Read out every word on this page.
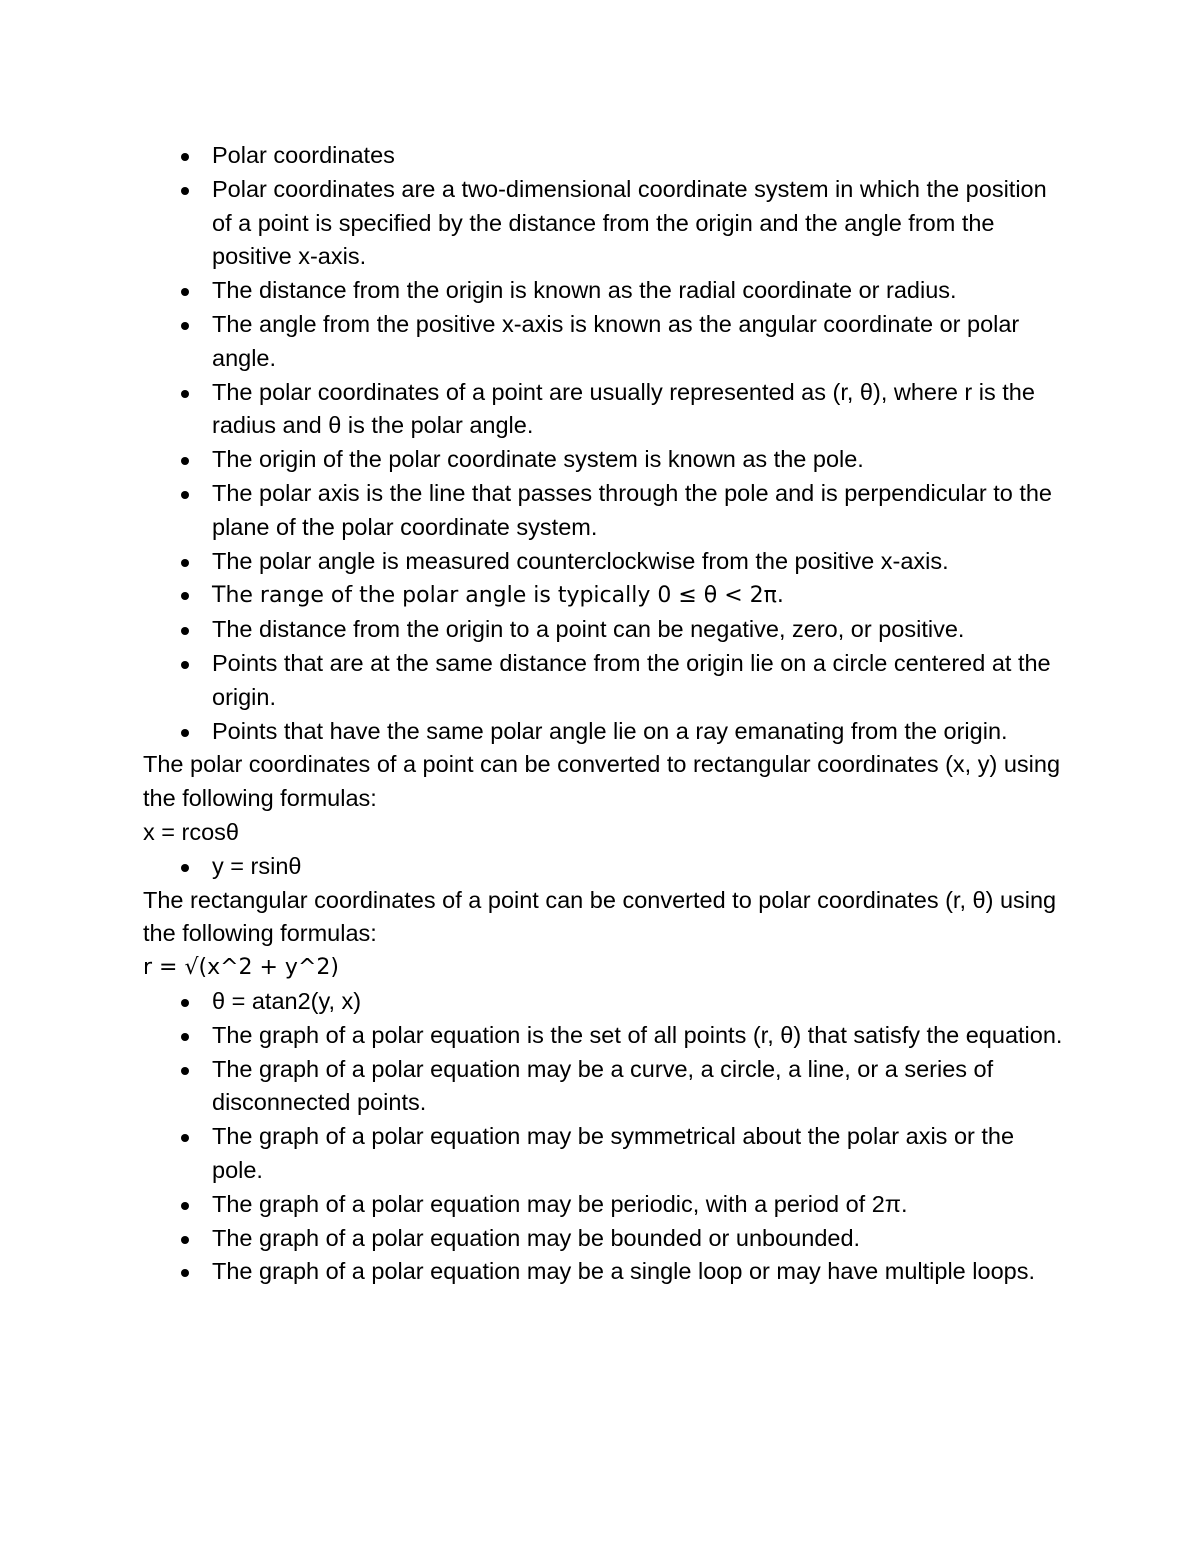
Polar coordinates
Polar coordinates are a two-dimensional coordinate system in which the position of a point is specified by the distance from the origin and the angle from the positive x-axis.
The distance from the origin is known as the radial coordinate or radius.
The angle from the positive x-axis is known as the angular coordinate or polar angle.
The polar coordinates of a point are usually represented as (r, θ), where r is the radius and θ is the polar angle.
The origin of the polar coordinate system is known as the pole.
The polar axis is the line that passes through the pole and is perpendicular to the plane of the polar coordinate system.
The polar angle is measured counterclockwise from the positive x-axis.
The range of the polar angle is typically 0 ≤ θ < 2π.
The distance from the origin to a point can be negative, zero, or positive.
Points that are at the same distance from the origin lie on a circle centered at the origin.
Points that have the same polar angle lie on a ray emanating from the origin.

The polar coordinates of a point can be converted to rectangular coordinates (x, y) using the following formulas:

x = rcosθ

y = rsinθ

The rectangular coordinates of a point can be converted to polar coordinates (r, θ) using the following formulas:

r = √(x^2 + y^2)

θ = atan2(y, x)
The graph of a polar equation is the set of all points (r, θ) that satisfy the equation.
The graph of a polar equation may be a curve, a circle, a line, or a series of disconnected points.
The graph of a polar equation may be symmetrical about the polar axis or the pole.
The graph of a polar equation may be periodic, with a period of 2π.
The graph of a polar equation may be bounded or unbounded.
The graph of a polar equation may be a single loop or may have multiple loops.
